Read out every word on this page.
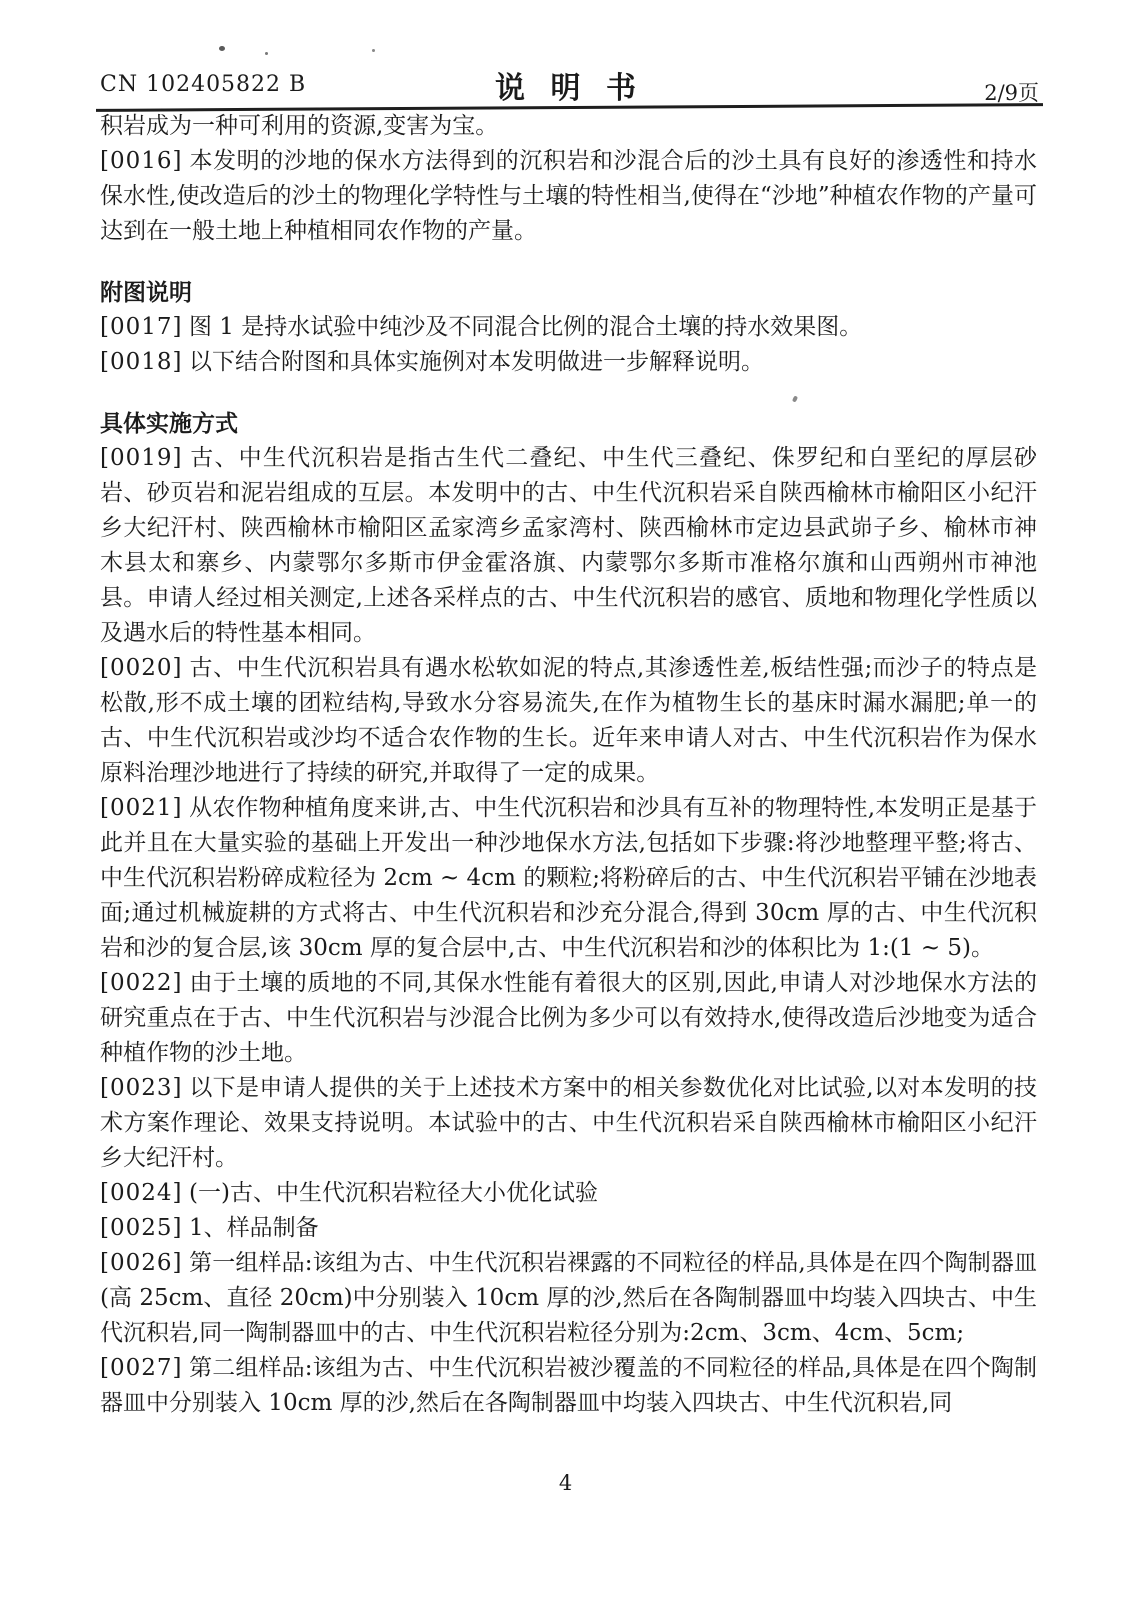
CN 102405822 B	说明书	2/9页
积岩成为一种可利用的资源,变害为宝。
[0016] 本发明的沙地的保水方法得到的沉积岩和沙混合后的沙土具有良好的渗透性和持水保水性,使改造后的沙土的物理化学特性与土壤的特性相当,使得在“沙地”种植农作物的产量可达到在一般土地上种植相同农作物的产量。
附图说明
[0017] 图 1 是持水试验中纯沙及不同混合比例的混合土壤的持水效果图。
[0018] 以下结合附图和具体实施例对本发明做进一步解释说明。
具体实施方式
[0019] 古、中生代沉积岩是指古生代二叠纪、中生代三叠纪、侏罗纪和白垩纪的厚层砂岩、砂页岩和泥岩组成的互层。本发明中的古、中生代沉积岩采自陕西榆林市榆阳区小纪汗乡大纪汗村、陕西榆林市榆阳区孟家湾乡孟家湾村、陕西榆林市定边县武峁子乡、榆林市神木县太和寨乡、内蒙鄂尔多斯市伊金霍洛旗、内蒙鄂尔多斯市准格尔旗和山西朔州市神池县。申请人经过相关测定,上述各采样点的古、中生代沉积岩的感官、质地和物理化学性质以及遇水后的特性基本相同。
[0020] 古、中生代沉积岩具有遇水松软如泥的特点,其渗透性差,板结性强;而沙子的特点是松散,形不成土壤的团粒结构,导致水分容易流失,在作为植物生长的基床时漏水漏肥;单一的古、中生代沉积岩或沙均不适合农作物的生长。近年来申请人对古、中生代沉积岩作为保水原料治理沙地进行了持续的研究,并取得了一定的成果。
[0021] 从农作物种植角度来讲,古、中生代沉积岩和沙具有互补的物理特性,本发明正是基于此并且在大量实验的基础上开发出一种沙地保水方法,包括如下步骤:将沙地整理平整;将古、中生代沉积岩粉碎成粒径为 2cm ~ 4cm 的颗粒;将粉碎后的古、中生代沉积岩平铺在沙地表面;通过机械旋耕的方式将古、中生代沉积岩和沙充分混合,得到 30cm 厚的古、中生代沉积岩和沙的复合层,该 30cm 厚的复合层中,古、中生代沉积岩和沙的体积比为 1:(1 ~ 5)。
[0022] 由于土壤的质地的不同,其保水性能有着很大的区别,因此,申请人对沙地保水方法的研究重点在于古、中生代沉积岩与沙混合比例为多少可以有效持水,使得改造后沙地变为适合种植作物的沙土地。
[0023] 以下是申请人提供的关于上述技术方案中的相关参数优化对比试验,以对本发明的技术方案作理论、效果支持说明。本试验中的古、中生代沉积岩采自陕西榆林市榆阳区小纪汗乡大纪汗村。
[0024] (一)古、中生代沉积岩粒径大小优化试验
[0025] 1、样品制备
[0026] 第一组样品:该组为古、中生代沉积岩裸露的不同粒径的样品,具体是在四个陶制器皿(高 25cm、直径 20cm)中分别装入 10cm 厚的沙,然后在各陶制器皿中均装入四块古、中生代沉积岩,同一陶制器皿中的古、中生代沉积岩粒径分别为:2cm、3cm、4cm、5cm;
[0027] 第二组样品:该组为古、中生代沉积岩被沙覆盖的不同粒径的样品,具体是在四个陶制器皿中分别装入 10cm 厚的沙,然后在各陶制器皿中均装入四块古、中生代沉积岩,同
4
